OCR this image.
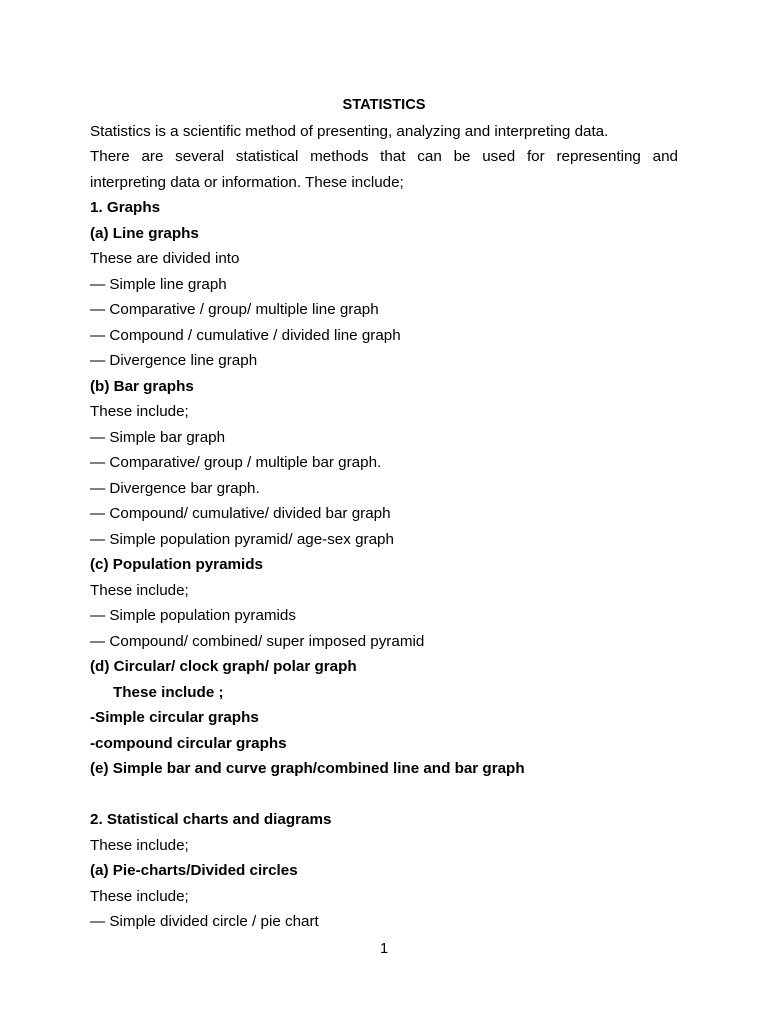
STATISTICS

Statistics is a scientific method of presenting, analyzing and interpreting data.

There are several statistical methods that can be used for representing and

interpreting data or information. These include;

1. Graphs

(a) Line graphs

These are divided into

— Simple line graph

— Comparative / group/ multiple line graph

— Compound / cumulative / divided line graph

— Divergence line graph

(b) Bar graphs

These include;

— Simple bar graph

— Comparative/ group / multiple bar graph.

— Divergence bar graph.

— Compound/ cumulative/ divided bar graph

— Simple population pyramid/ age-sex graph

(c) Population pyramids

These include;

— Simple population pyramids

— Compound/ combined/ super imposed pyramid

(d) Circular/ clock graph/ polar graph

These include ;

-Simple circular graphs

-compound circular graphs

(e) Simple bar and curve graph/combined line and bar graph

2. Statistical charts and diagrams

These include;

(a) Pie-charts/Divided circles

These include;

— Simple divided circle / pie chart

1
